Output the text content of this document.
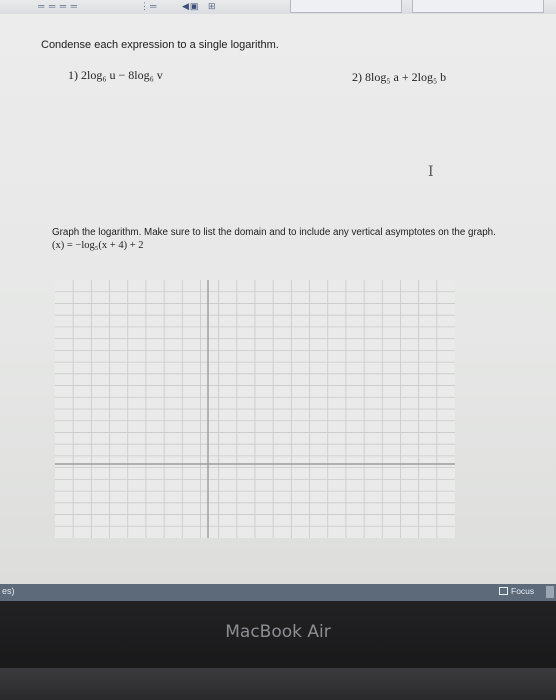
═ ═ ═ ═	⋮═	◀▣ ⊞
Condense each expression to a single logarithm.
1) 2log₆ u − 8log₆ v	2) 8log₅ a + 2log₅ b
I
Graph the logarithm. Make sure to list the domain and to include any vertical asymptotes on the graph. (x) = −log₅(x + 4) + 2
es)	Focus
MacBook Air
